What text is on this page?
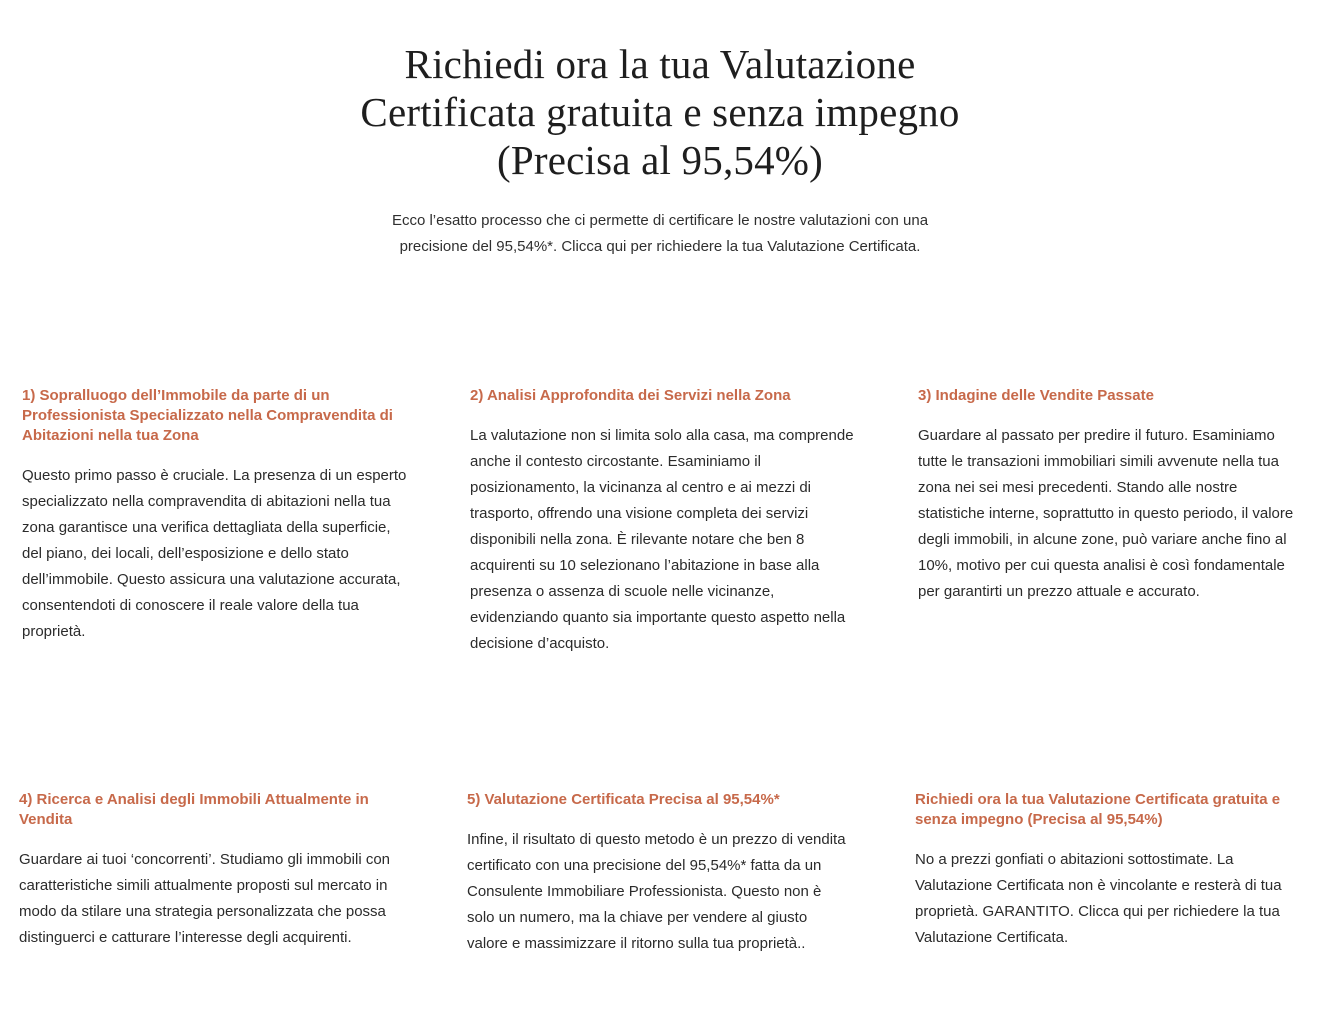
Richiedi ora la tua Valutazione
Certificata gratuita e senza impegno
(Precisa al 95,54%)

Ecco l’esatto processo che ci permette di certificare le nostre valutazioni con una
precisione del 95,54%*. Clicca qui per richiedere la tua Valutazione Certificata.

1) Sopralluogo dell’Immobile da parte di un Professionista Specializzato nella Compravendita di Abitazioni nella tua Zona

Questo primo passo è cruciale. La presenza di un esperto specializzato nella compravendita di abitazioni nella tua zona garantisce una verifica dettagliata della superficie, del piano, dei locali, dell’esposizione e dello stato dell’immobile. Questo assicura una valutazione accurata, consentendoti di conoscere il reale valore della tua proprietà.

2) Analisi Approfondita dei Servizi nella Zona

La valutazione non si limita solo alla casa, ma comprende anche il contesto circostante. Esaminiamo il posizionamento, la vicinanza al centro e ai mezzi di trasporto, offrendo una visione completa dei servizi disponibili nella zona. È rilevante notare che ben 8 acquirenti su 10 selezionano l’abitazione in base alla presenza o assenza di scuole nelle vicinanze, evidenziando quanto sia importante questo aspetto nella decisione d’acquisto.

3) Indagine delle Vendite Passate

Guardare al passato per predire il futuro. Esaminiamo tutte le transazioni immobiliari simili avvenute nella tua zona nei sei mesi precedenti. Stando alle nostre statistiche interne, soprattutto in questo periodo, il valore degli immobili, in alcune zone, può variare anche fino al 10%, motivo per cui questa analisi è così fondamentale per garantirti un prezzo attuale e accurato.

4) Ricerca e Analisi degli Immobili Attualmente in Vendita

Guardare ai tuoi ‘concorrenti’. Studiamo gli immobili con caratteristiche simili attualmente proposti sul mercato in modo da stilare una strategia personalizzata che possa distinguerci e catturare l’interesse degli acquirenti.

5) Valutazione Certificata Precisa al 95,54%*

Infine, il risultato di questo metodo è un prezzo di vendita certificato con una precisione del 95,54%* fatta da un Consulente Immobiliare Professionista. Questo non è solo un numero, ma la chiave per vendere al giusto valore e massimizzare il ritorno sulla tua proprietà..

Richiedi ora la tua Valutazione Certificata gratuita e senza impegno (Precisa al 95,54%)

No a prezzi gonfiati o abitazioni sottostimate. La Valutazione Certificata non è vincolante e resterà di tua proprietà. GARANTITO. Clicca qui per richiedere la tua Valutazione Certificata.
